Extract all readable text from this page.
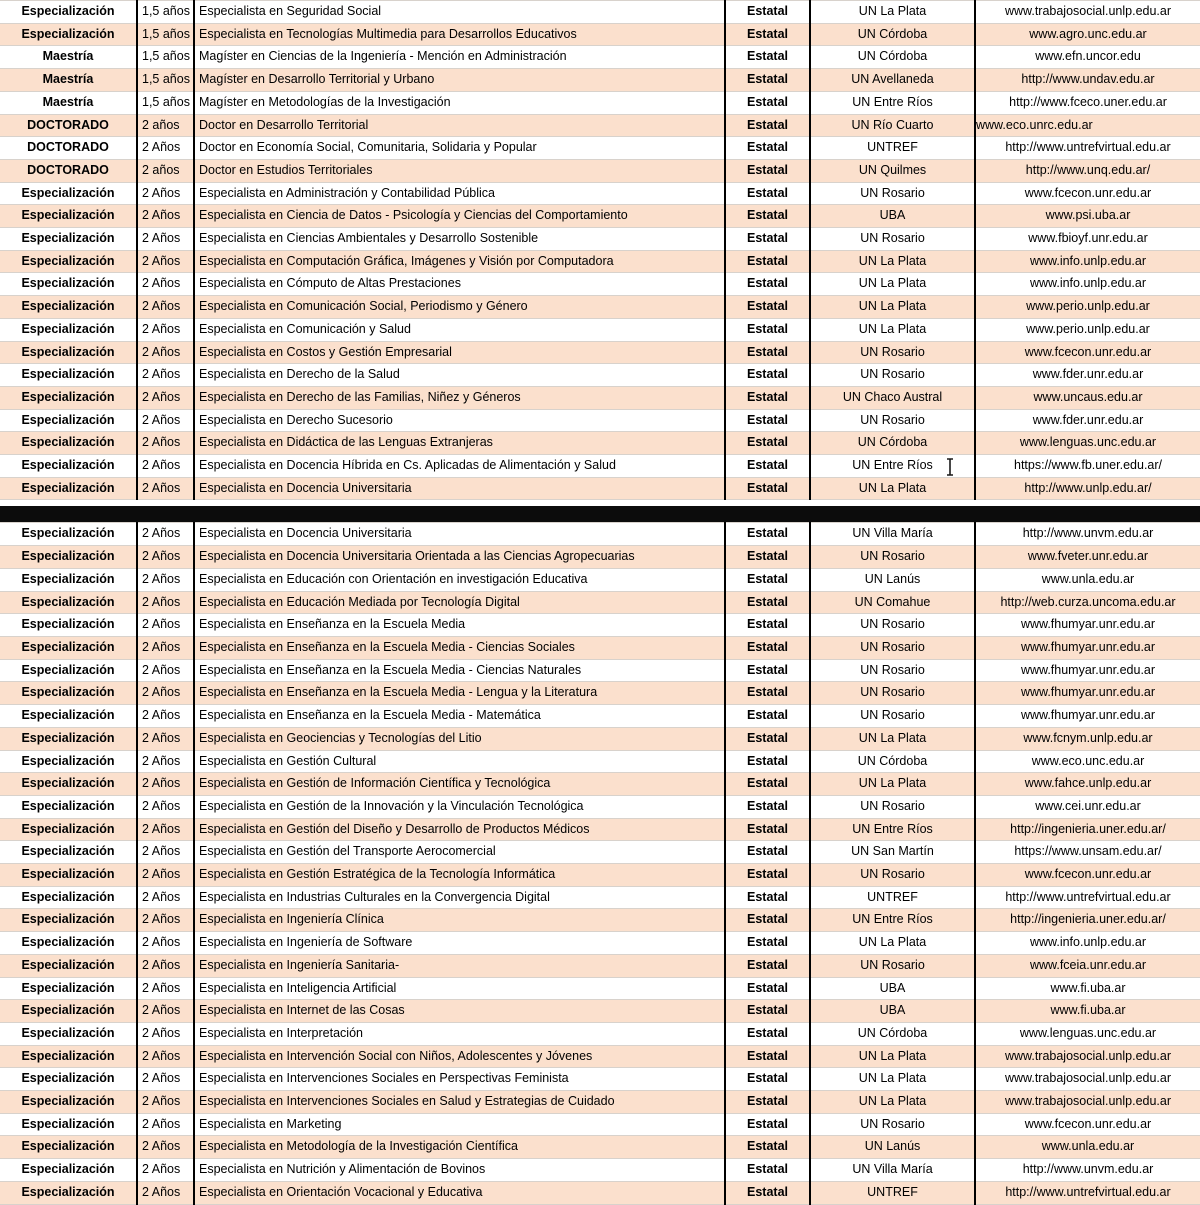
Especialización	1,5 años	Especialista en Seguridad Social	Estatal	UN La Plata	www.trabajosocial.unlp.edu.ar
Especialización	1,5 años	Especialista en Tecnologías Multimedia para Desarrollos Educativos	Estatal	UN Córdoba	www.agro.unc.edu.ar
Maestría	1,5 años	Magíster en Ciencias de la Ingeniería - Mención en Administración	Estatal	UN Córdoba	www.efn.uncor.edu
Maestría	1,5 años	Magíster en Desarrollo Territorial y Urbano	Estatal	UN Avellaneda	http://www.undav.edu.ar
Maestría	1,5 años	Magíster en Metodologías de la Investigación	Estatal	UN Entre Ríos	http://www.fceco.uner.edu.ar
DOCTORADO	2 años	Doctor en Desarrollo Territorial	Estatal	UN Río Cuarto	www.eco.unrc.edu.ar
DOCTORADO	2 Años	Doctor en Economía Social, Comunitaria, Solidaria y Popular	Estatal	UNTREF	http://www.untrefvirtual.edu.ar
DOCTORADO	2 años	Doctor en Estudios Territoriales	Estatal	UN Quilmes	http://www.unq.edu.ar/
Especialización	2 Años	Especialista en Administración y Contabilidad Pública	Estatal	UN Rosario	www.fcecon.unr.edu.ar
Especialización	2 Años	Especialista en Ciencia de Datos - Psicología y Ciencias del Comportamiento	Estatal	UBA	www.psi.uba.ar
Especialización	2 Años	Especialista en Ciencias Ambientales y Desarrollo Sostenible	Estatal	UN Rosario	www.fbioyf.unr.edu.ar
Especialización	2 Años	Especialista en Computación Gráfica, Imágenes y Visión por Computadora	Estatal	UN La Plata	www.info.unlp.edu.ar
Especialización	2 Años	Especialista en Cómputo de Altas Prestaciones	Estatal	UN La Plata	www.info.unlp.edu.ar
Especialización	2 Años	Especialista en Comunicación Social, Periodismo y Género	Estatal	UN La Plata	www.perio.unlp.edu.ar
Especialización	2 Años	Especialista en Comunicación y Salud	Estatal	UN La Plata	www.perio.unlp.edu.ar
Especialización	2 Años	Especialista en Costos y Gestión Empresarial	Estatal	UN Rosario	www.fcecon.unr.edu.ar
Especialización	2 Años	Especialista en Derecho de la Salud	Estatal	UN Rosario	www.fder.unr.edu.ar
Especialización	2 Años	Especialista en Derecho de las Familias, Niñez y Géneros	Estatal	UN Chaco Austral	www.uncaus.edu.ar
Especialización	2 Años	Especialista en Derecho Sucesorio	Estatal	UN Rosario	www.fder.unr.edu.ar
Especialización	2 Años	Especialista en Didáctica de las Lenguas Extranjeras	Estatal	UN Córdoba	www.lenguas.unc.edu.ar
Especialización	2 Años	Especialista en Docencia Híbrida en Cs. Aplicadas de Alimentación y Salud	Estatal	UN Entre Ríos	https://www.fb.uner.edu.ar/
Especialización	2 Años	Especialista en Docencia Universitaria	Estatal	UN La Plata	http://www.unlp.edu.ar/
Especialización	2 Años	Especialista en Docencia Universitaria	Estatal	UN Villa María	http://www.unvm.edu.ar
Especialización	2 Años	Especialista en Docencia Universitaria Orientada a las Ciencias Agropecuarias	Estatal	UN Rosario	www.fveter.unr.edu.ar
Especialización	2 Años	Especialista en Educación con Orientación en investigación Educativa	Estatal	UN Lanús	www.unla.edu.ar
Especialización	2 Años	Especialista en Educación Mediada por Tecnología Digital	Estatal	UN Comahue	http://web.curza.uncoma.edu.ar
Especialización	2 Años	Especialista en Enseñanza en la Escuela Media	Estatal	UN Rosario	www.fhumyar.unr.edu.ar
Especialización	2 Años	Especialista en Enseñanza en la Escuela Media - Ciencias Sociales	Estatal	UN Rosario	www.fhumyar.unr.edu.ar
Especialización	2 Años	Especialista en Enseñanza en la Escuela Media - Ciencias Naturales	Estatal	UN Rosario	www.fhumyar.unr.edu.ar
Especialización	2 Años	Especialista en Enseñanza en la Escuela Media - Lengua y la Literatura	Estatal	UN Rosario	www.fhumyar.unr.edu.ar
Especialización	2 Años	Especialista en Enseñanza en la Escuela Media - Matemática	Estatal	UN Rosario	www.fhumyar.unr.edu.ar
Especialización	2 Años	Especialista en Geociencias y Tecnologías del Litio	Estatal	UN La Plata	www.fcnym.unlp.edu.ar
Especialización	2 Años	Especialista en Gestión Cultural	Estatal	UN Córdoba	www.eco.unc.edu.ar
Especialización	2 Años	Especialista en Gestión de Información Científica y Tecnológica	Estatal	UN La Plata	www.fahce.unlp.edu.ar
Especialización	2 Años	Especialista en Gestión de la Innovación y la Vinculación Tecnológica	Estatal	UN Rosario	www.cei.unr.edu.ar
Especialización	2 Años	Especialista en Gestión del Diseño y Desarrollo de Productos Médicos	Estatal	UN Entre Ríos	http://ingenieria.uner.edu.ar/
Especialización	2 Años	Especialista en Gestión del Transporte Aerocomercial	Estatal	UN San Martín	https://www.unsam.edu.ar/
Especialización	2 Años	Especialista en Gestión Estratégica de la Tecnología Informática	Estatal	UN Rosario	www.fcecon.unr.edu.ar
Especialización	2 Años	Especialista en Industrias Culturales en la Convergencia Digital	Estatal	UNTREF	http://www.untrefvirtual.edu.ar
Especialización	2 Años	Especialista en Ingeniería Clínica	Estatal	UN Entre Ríos	http://ingenieria.uner.edu.ar/
Especialización	2 Años	Especialista en Ingeniería de Software	Estatal	UN La Plata	www.info.unlp.edu.ar
Especialización	2 Años	Especialista en Ingeniería Sanitaria-	Estatal	UN Rosario	www.fceia.unr.edu.ar
Especialización	2 Años	Especialista en Inteligencia Artificial	Estatal	UBA	www.fi.uba.ar
Especialización	2 Años	Especialista en Internet de las Cosas	Estatal	UBA	www.fi.uba.ar
Especialización	2 Años	Especialista en Interpretación	Estatal	UN Córdoba	www.lenguas.unc.edu.ar
Especialización	2 Años	Especialista en Intervención Social con Niños, Adolescentes y Jóvenes	Estatal	UN La Plata	www.trabajosocial.unlp.edu.ar
Especialización	2 Años	Especialista en Intervenciones Sociales en Perspectivas Feminista	Estatal	UN La Plata	www.trabajosocial.unlp.edu.ar
Especialización	2 Años	Especialista en Intervenciones Sociales en Salud y Estrategias de Cuidado	Estatal	UN La Plata	www.trabajosocial.unlp.edu.ar
Especialización	2 Años	Especialista en Marketing	Estatal	UN Rosario	www.fcecon.unr.edu.ar
Especialización	2 Años	Especialista en Metodología de la Investigación Científica	Estatal	UN Lanús	www.unla.edu.ar
Especialización	2 Años	Especialista en Nutrición y Alimentación de Bovinos	Estatal	UN Villa María	http://www.unvm.edu.ar
Especialización	2 Años	Especialista en Orientación Vocacional y Educativa	Estatal	UNTREF	http://www.untrefvirtual.edu.ar
